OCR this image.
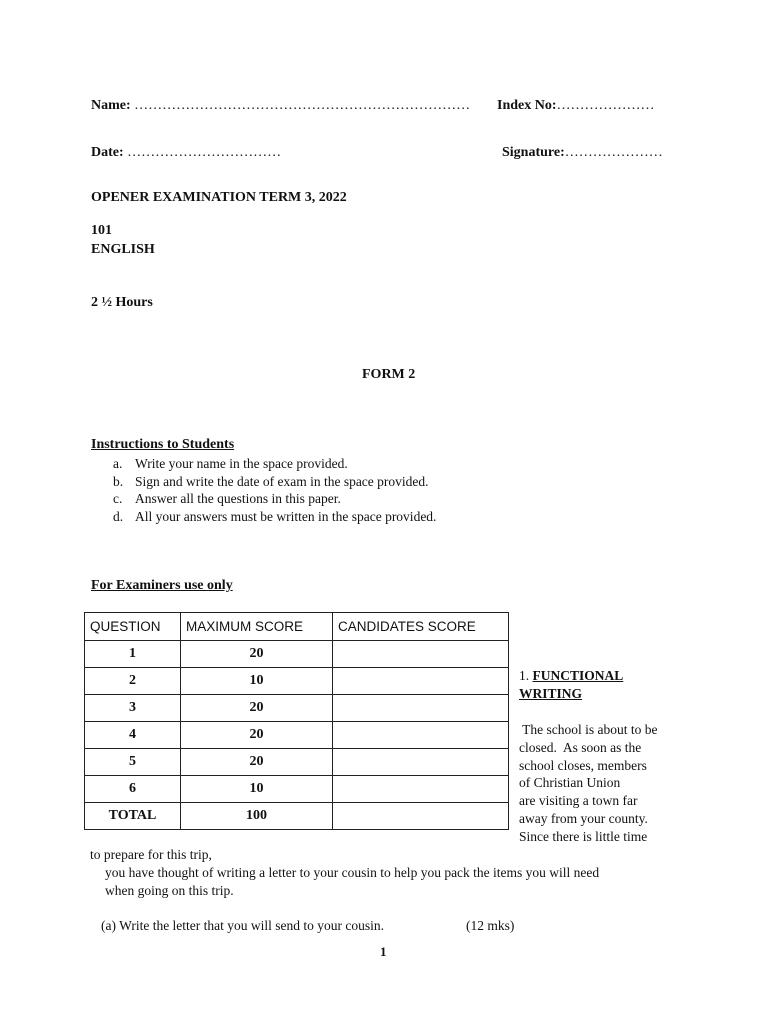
Name: ……………………………………………………………… Index No:…………………
Date: ……………………………	Signature:…………………
OPENER EXAMINATION TERM 3, 2022
101
ENGLISH
2 ½ Hours
FORM 2
Instructions to Students
a. Write your name in the space provided.
b. Sign and write the date of exam in the space provided.
c. Answer all the questions in this paper.
d. All your answers must be written in the space provided.
For Examiners use only
QUESTION	MAXIMUM SCORE	CANDIDATES SCORE
1	20	
2	10	
3	20	
4	20	
5	20	
6	10	
TOTAL	100	
1. FUNCTIONAL
WRITING
The school is about to be
closed.  As soon as the
school closes, members
of Christian Union
are visiting a town far
away from your county.
Since there is little time
to prepare for this trip,
you have thought of writing a letter to your cousin to help you pack the items you will need
when going on this trip.
(a) Write the letter that you will send to your cousin.	(12 mks)
1
